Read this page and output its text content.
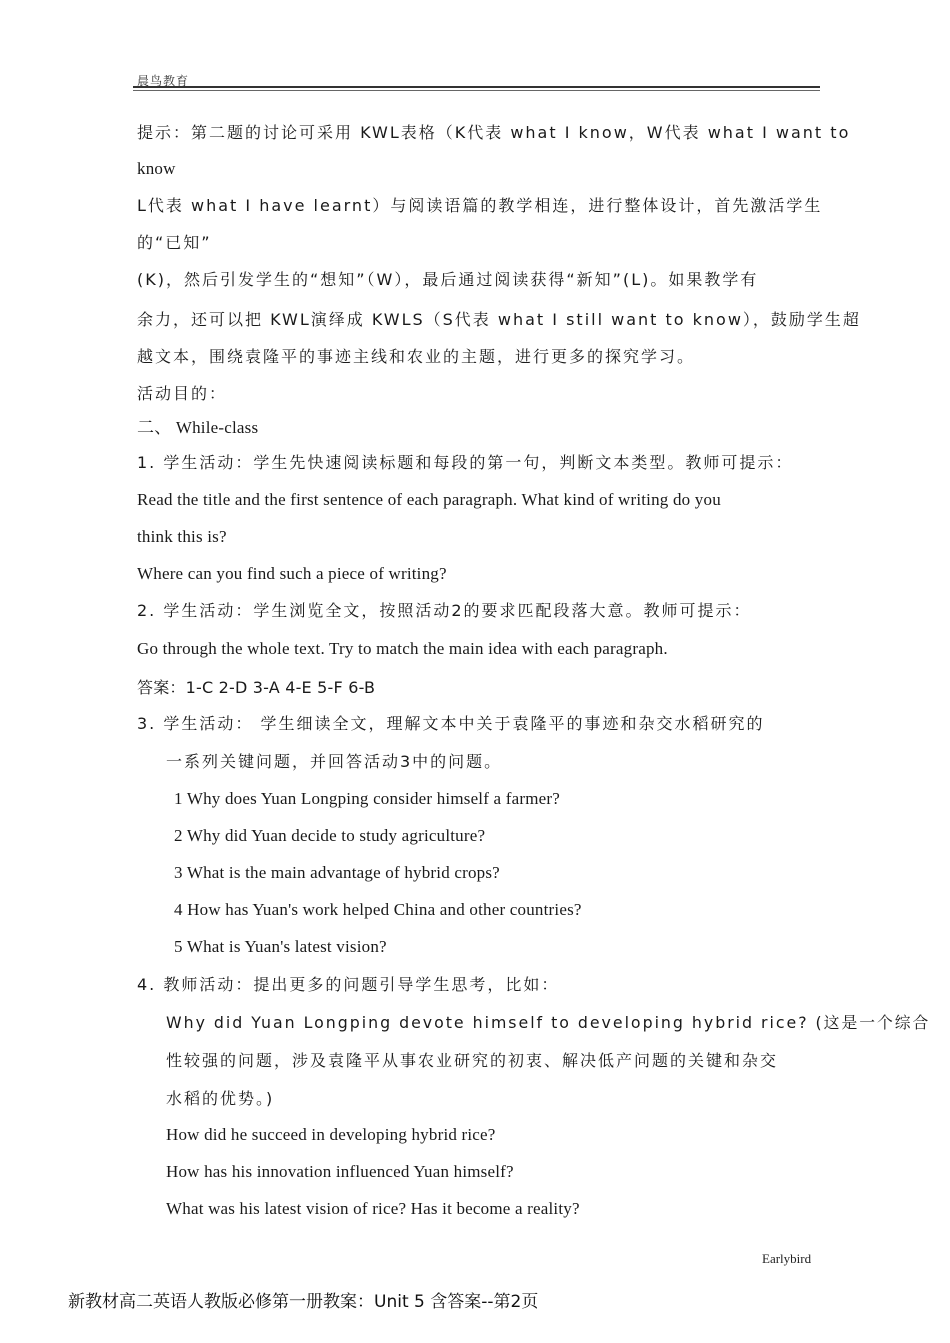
晨鸟教育
提示：第二题的讨论可采用 KWL表格（K代表 what I know，W代表 what I want to
know
L代表 what I have learnt）与阅读语篇的教学相连，进行整体设计，首先激活学生
的“已知”
(K)，然后引发学生的“想知”（W），最后通过阅读获得“新知”(L)。如果教学有
余力，还可以把 KWL演绎成 KWLS（S代表 what I still want to know），鼓励学生超
越文本，围绕袁隆平的事迹主线和农业的主题，进行更多的探究学习。
活动目的：
二、 While-class
1. 学生活动：学生先快速阅读标题和每段的第一句，判断文本类型。教师可提示：
Read the title and the first sentence of each paragraph. What kind of writing do you
think this is?
Where can you find such a piece of writing?
2. 学生活动：学生浏览全文，按照活动2的要求匹配段落大意。教师可提示：
Go through the whole text. Try to match the main idea with each paragraph.
答案：1-C 2-D 3-A 4-E 5-F 6-B
3. 学生活动： 学生细读全文，理解文本中关于袁隆平的事迹和杂交水稻研究的
一系列关键问题，并回答活动3中的问题。
1 Why does Yuan Longping consider himself a farmer?
2 Why did Yuan decide to study agriculture?
3 What is the main advantage of hybrid crops?
4 How has Yuan's work helped China and other countries?
5 What is Yuan's latest vision?
4. 教师活动：提出更多的问题引导学生思考，比如：
Why did Yuan Longping devote himself to developing hybrid rice? (这是一个综合
性较强的问题，涉及袁隆平从事农业研究的初衷、解决低产问题的关键和杂交
水稻的优势。)
How did he succeed in developing hybrid rice?
How has his innovation influenced Yuan himself?
What was his latest vision of rice? Has it become a reality?
Earlybird
新教材高二英语人教版必修第一册教案：Unit 5 含答案--第2页
